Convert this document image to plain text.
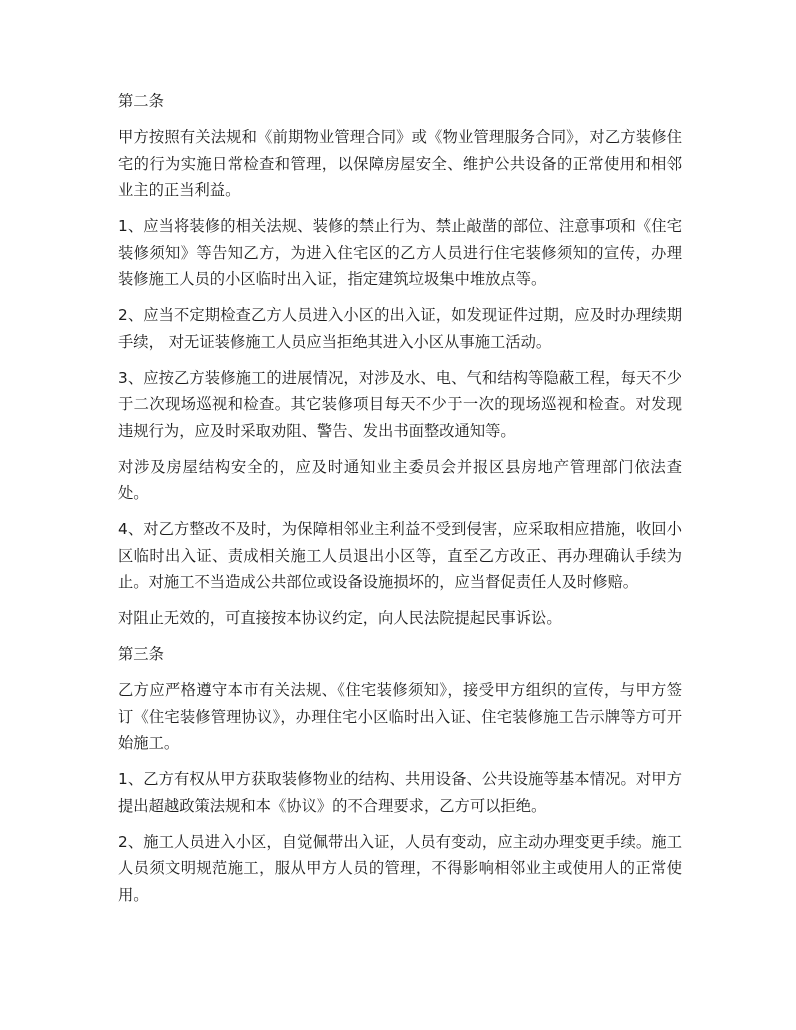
第二条

甲方按照有关法规和《前期物业管理合同》或《物业管理服务合同》，对乙方装修住宅的行为实施日常检查和管理，以保障房屋安全、维护公共设备的正常使用和相邻业主的正当利益。

1、应当将装修的相关法规、装修的禁止行为、禁止敲凿的部位、注意事项和《住宅装修须知》等告知乙方，为进入住宅区的乙方人员进行住宅装修须知的宣传，办理装修施工人员的小区临时出入证，指定建筑垃圾集中堆放点等。

2、应当不定期检查乙方人员进入小区的出入证，如发现证件过期，应及时办理续期手续， 对无证装修施工人员应当拒绝其进入小区从事施工活动。

3、应按乙方装修施工的进展情况，对涉及水、电、气和结构等隐蔽工程，每天不少于二次现场巡视和检查。其它装修项目每天不少于一次的现场巡视和检查。对发现违规行为，应及时采取劝阻、警告、发出书面整改通知等。

对涉及房屋结构安全的，应及时通知业主委员会并报区县房地产管理部门依法查处。

4、对乙方整改不及时，为保障相邻业主利益不受到侵害，应采取相应措施，收回小区临时出入证、责成相关施工人员退出小区等，直至乙方改正、再办理确认手续为止。对施工不当造成公共部位或设备设施损坏的，应当督促责任人及时修赔。

对阻止无效的，可直接按本协议约定，向人民法院提起民事诉讼。

第三条

乙方应严格遵守本市有关法规、《住宅装修须知》，接受甲方组织的宣传，与甲方签订《住宅装修管理协议》，办理住宅小区临时出入证、住宅装修施工告示牌等方可开始施工。

1、乙方有权从甲方获取装修物业的结构、共用设备、公共设施等基本情况。对甲方提出超越政策法规和本《协议》的不合理要求，乙方可以拒绝。

2、施工人员进入小区，自觉佩带出入证，人员有变动，应主动办理变更手续。施工人员须文明规范施工，服从甲方人员的管理，不得影响相邻业主或使用人的正常使用。
